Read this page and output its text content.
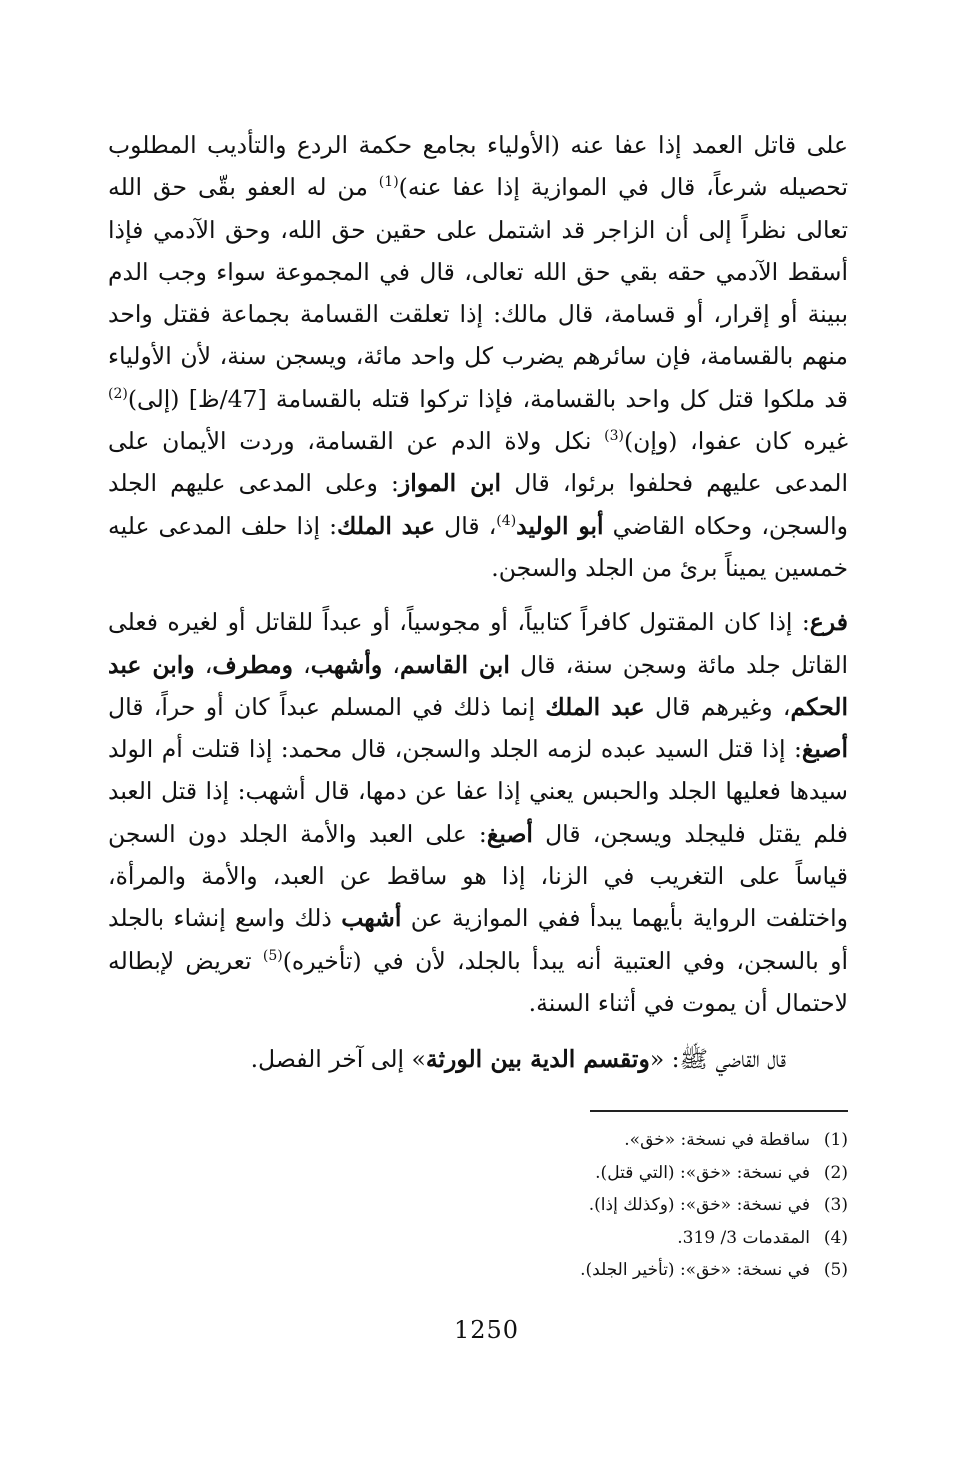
على قاتل العمد إذا عفا عنه (الأولياء بجامع حكمة الردع والتأديب المطلوب تحصيله شرعاً، قال في الموازية إذا عفا عنه)$^{(1)}$ من له العفو بقّى حق الله تعالى نظراً إلى أن الزاجر قد اشتمل على حقين حق الله، وحق الآدمي فإذا أسقط الآدمي حقه بقي حق الله تعالى، قال في المجموعة سواء وجب الدم ببينة أو إقرار، أو قسامة، قال مالك: إذا تعلقت القسامة بجماعة فقتل واحد منهم بالقسامة، فإن سائرهم يضرب كل واحد مائة، ويسجن سنة، لأن الأولياء قد ملكوا قتل كل واحد بالقسامة، فإذا تركوا قتله بالقسامة [47/ظ] (إلى)$^{(2)}$ غيره كان عفوا، (وإن)$^{(3)}$ نكل ولاة الدم عن القسامة، وردت الأيمان على المدعى عليهم فحلفوا برئوا، قال ابن المواز: وعلى المدعى عليهم الجلد والسجن، وحكاه القاضي أبو الوليد$^{(4)}$، قال عبد الملك: إذا حلف المدعى عليه خمسين يميناً برئ من الجلد والسجن.

فرع: إذا كان المقتول كافراً كتابياً، أو مجوسياً، أو عبداً للقاتل أو لغيره فعلى القاتل جلد مائة وسجن سنة، قال ابن القاسم، وأشهب، ومطرف، وابن عبد الحكم، وغيرهم قال عبد الملك إنما ذلك في المسلم عبداً كان أو حراً، قال أصبغ: إذا قتل السيد عبده لزمه الجلد والسجن، قال محمد: إذا قتلت أم الولد سيدها فعليها الجلد والحبس يعني إذا عفا عن دمها، قال أشهب: إذا قتل العبد فلم يقتل فليجلد ويسجن، قال أصبغ: على العبد والأمة الجلد دون السجن قياساً على التغريب في الزنا، إذا هو ساقط عن العبد، والأمة والمرأة، واختلفت الرواية بأيهما يبدأ ففي الموازية عن أشهب ذلك واسع إنشاء بالجلد أو بالسجن، وفي العتبية أنه يبدأ بالجلد، لأن في (تأخيره)$^{(5)}$ تعريض لإبطاله لاحتمال أن يموت في أثناء السنة.

قال القاضي ﷺ: «وتقسم الدية بين الورثة» إلى آخر الفصل.
(1)ساقطة في نسخة: «خق».
(2)في نسخة: «خق»: (التي قتل).
(3)في نسخة: «خق»: (وكذلك إذا).
(4)المقدمات 3/ 319.
(5)في نسخة: «خق»: (تأخير الجلد).
1250
